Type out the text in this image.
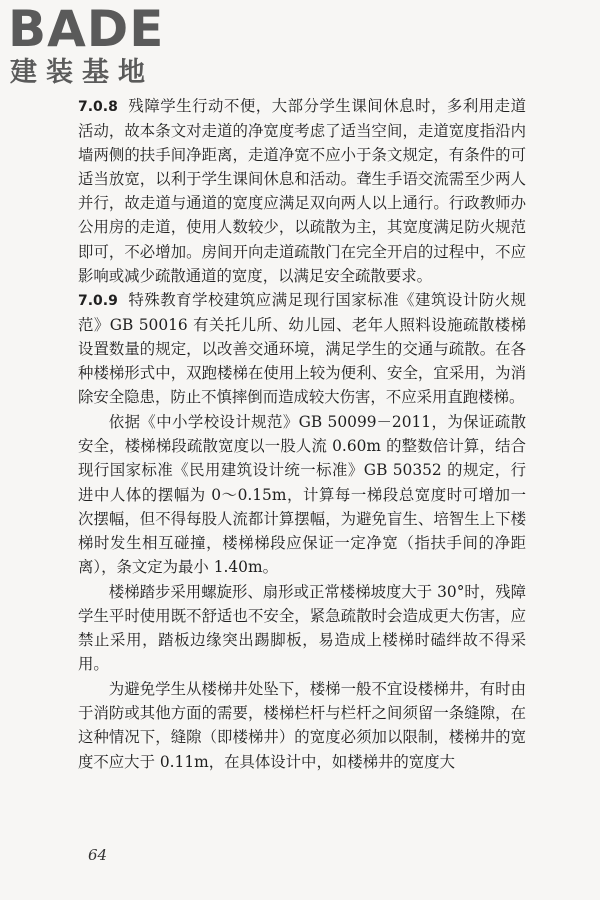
BADE
建装基地

7.0.8 残障学生行动不便，大部分学生课间休息时，多利用走道活动，故本条文对走道的净宽度考虑了适当空间，走道宽度指沿内墙两侧的扶手间净距离，走道净宽不应小于条文规定，有条件的可适当放宽，以利于学生课间休息和活动。聋生手语交流需至少两人并行，故走道与通道的宽度应满足双向两人以上通行。行政教师办公用房的走道，使用人数较少，以疏散为主，其宽度满足防火规范即可，不必增加。房间开向走道疏散门在完全开启的过程中，不应影响或减少疏散通道的宽度，以满足安全疏散要求。

7.0.9 特殊教育学校建筑应满足现行国家标准《建筑设计防火规范》GB 50016 有关托儿所、幼儿园、老年人照料设施疏散楼梯设置数量的规定，以改善交通环境，满足学生的交通与疏散。在各种楼梯形式中，双跑楼梯在使用上较为便利、安全，宜采用，为消除安全隐患，防止不慎摔倒而造成较大伤害，不应采用直跑楼梯。

依据《中小学校设计规范》GB 50099－2011，为保证疏散安全，楼梯梯段疏散宽度以一股人流 0.60m 的整数倍计算，结合现行国家标准《民用建筑设计统一标准》GB 50352 的规定，行进中人体的摆幅为 0～0.15m，计算每一梯段总宽度时可增加一次摆幅，但不得每股人流都计算摆幅，为避免盲生、培智生上下楼梯时发生相互碰撞，楼梯梯段应保证一定净宽（指扶手间的净距离），条文定为最小 1.40m。

楼梯踏步采用螺旋形、扇形或正常楼梯坡度大于 30°时，残障学生平时使用既不舒适也不安全，紧急疏散时会造成更大伤害，应禁止采用，踏板边缘突出踢脚板，易造成上楼梯时磕绊故不得采用。

为避免学生从楼梯井处坠下，楼梯一般不宜设楼梯井，有时由于消防或其他方面的需要，楼梯栏杆与栏杆之间须留一条缝隙，在这种情况下，缝隙（即楼梯井）的宽度必须加以限制，楼梯井的宽度不应大于 0.11m，在具体设计中，如楼梯井的宽度大

64
